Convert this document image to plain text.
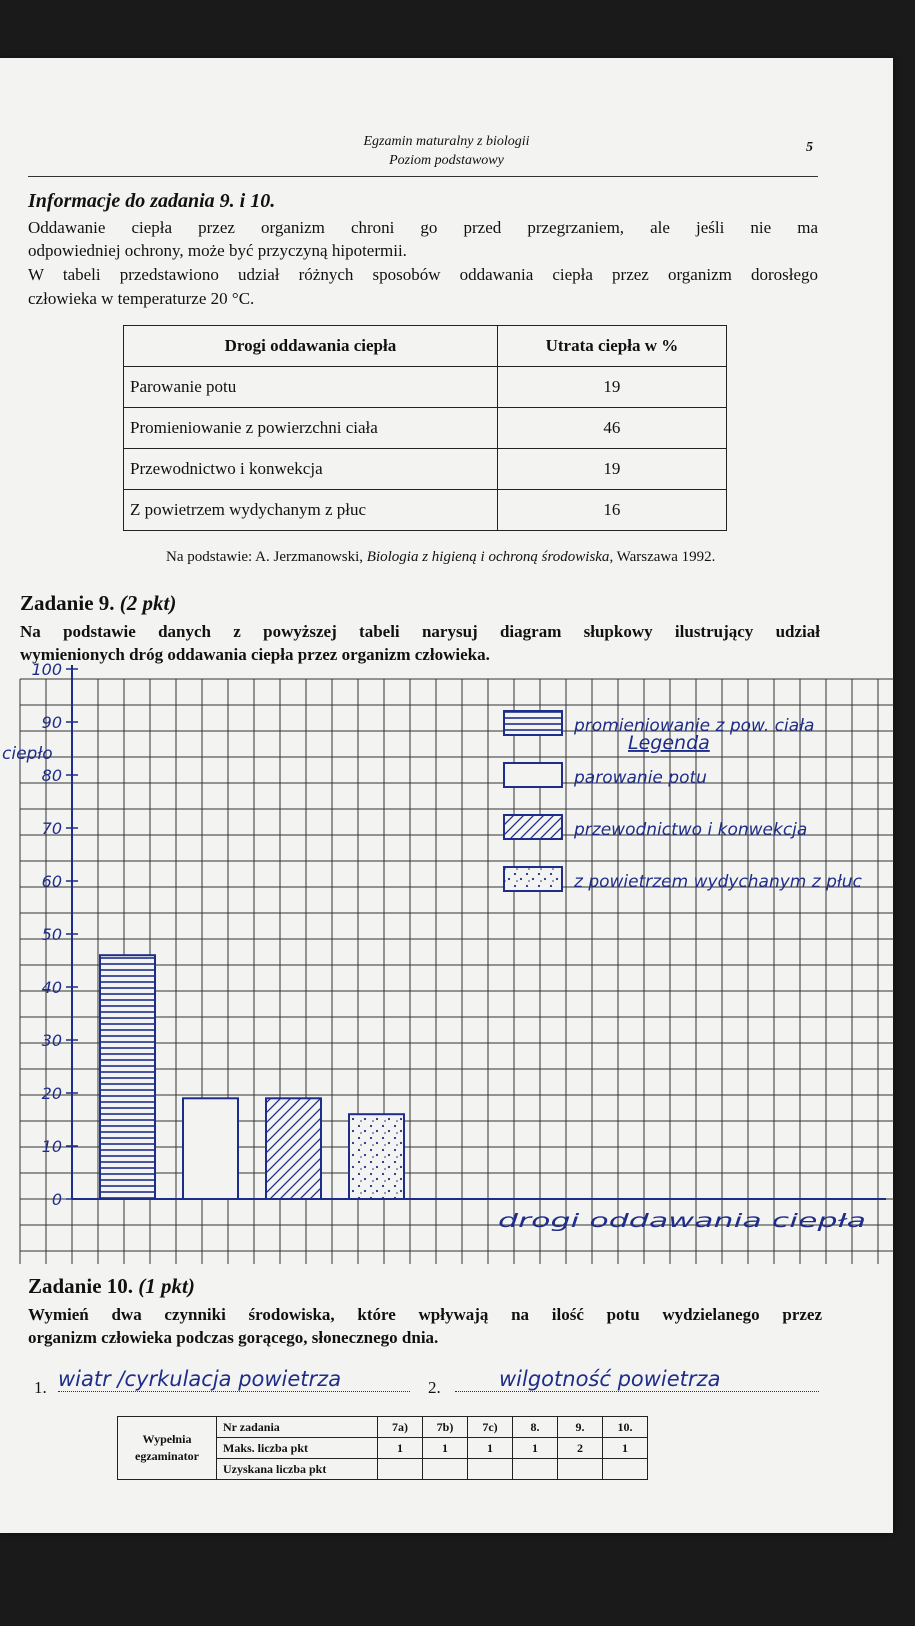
Egzamin maturalny z biologii
Poziom podstawowy
5
Informacje do zadania 9. i 10.
Oddawanie ciepła przez organizm chroni go przed przegrzaniem, ale jeśli nie ma
odpowiedniej ochrony, może być przyczyną hipotermii.
W tabeli przedstawiono udział różnych sposobów oddawania ciepła przez organizm dorosłego
człowieka w temperaturze 20 °C.
Drogi oddawania ciepła	Utrata ciepła w %
Parowanie potu	19
Promieniowanie z powierzchni ciała	46
Przewodnictwo i konwekcja	19
Z powietrzem wydychanym z płuc	16
Na podstawie: A. Jerzmanowski, Biologia z higieną i ochroną środowiska, Warszawa 1992.
Zadanie 9. (2 pkt)
Na podstawie danych z powyższej tabeli narysuj diagram słupkowy ilustrujący udział
wymienionych dróg oddawania ciepła przez organizm człowieka.
0
10
20
30
40
50
60
70
80
90
100
promieniowanie z pow. ciała
parowanie potu
przewodnictwo i konwekcja
z powietrzem wydychanym z płuc
ciepło
drogi oddawania ciepła
Legenda
Zadanie 10. (1 pkt)
Wymień dwa czynniki środowiska, które wpływają na ilość potu wydzielanego przez
organizm człowieka podczas gorącego, słonecznego dnia.
1. wiatr /cyrkulacja powietrza	2.	wilgotność powietrza
Wypełnia
egzaminator	Nr zadania	7a)	7b)	7c)	8.	9.	10.
	Maks. liczba pkt	1	1	1	1	2	1
	Uzyskana liczba pkt						
